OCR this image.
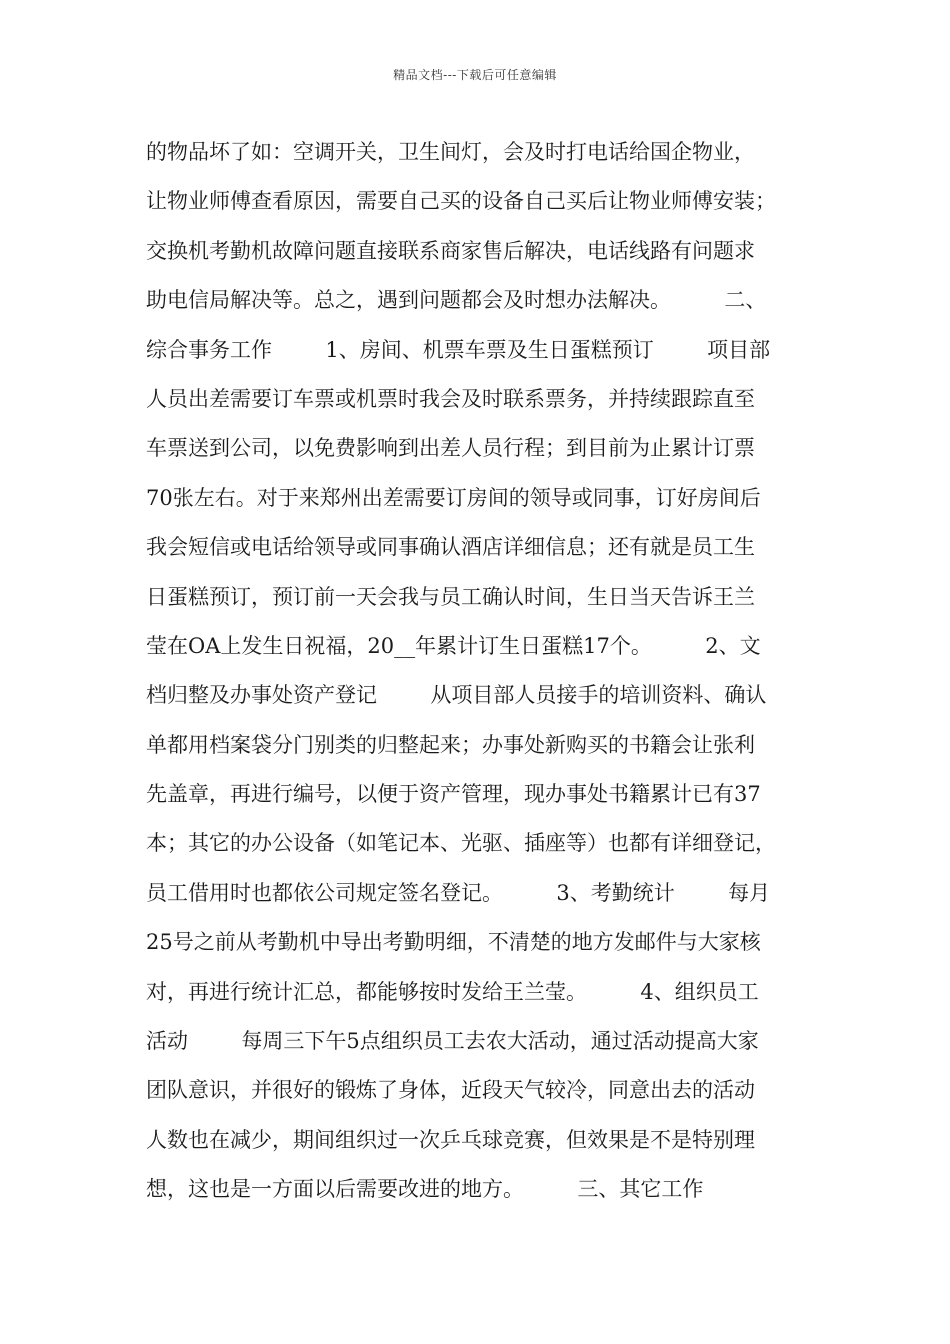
精品文档---下载后可任意编辑
的物品坏了如：空调开关，卫生间灯，会及时打电话给国企物业，
让物业师傅查看原因，需要自己买的设备自己买后让物业师傅安装；
交换机考勤机故障问题直接联系商家售后解决，电话线路有问题求
助电信局解决等。总之，遇到问题都会及时想办法解决。        二、
综合事务工作        1、房间、机票车票及生日蛋糕预订        项目部
人员出差需要订车票或机票时我会及时联系票务，并持续跟踪直至
车票送到公司，以免费影响到出差人员行程；到目前为止累计订票
70张左右。对于来郑州出差需要订房间的领导或同事，订好房间后
我会短信或电话给领导或同事确认酒店详细信息；还有就是员工生
日蛋糕预订，预订前一天会我与员工确认时间，生日当天告诉王兰
莹在OA上发生日祝福，20__年累计订生日蛋糕17个。        2、文
档归整及办事处资产登记        从项目部人员接手的培训资料、确认
单都用档案袋分门别类的归整起来；办事处新购买的书籍会让张利
先盖章，再进行编号，以便于资产管理，现办事处书籍累计已有37
本；其它的办公设备（如笔记本、光驱、插座等）也都有详细登记，
员工借用时也都依公司规定签名登记。        3、考勤统计        每月
25号之前从考勤机中导出考勤明细，不清楚的地方发邮件与大家核
对，再进行统计汇总，都能够按时发给王兰莹。        4、组织员工
活动        每周三下午5点组织员工去农大活动，通过活动提高大家
团队意识，并很好的锻炼了身体，近段天气较冷，同意出去的活动
人数也在减少，期间组织过一次乒乓球竞赛，但效果是不是特别理
想，这也是一方面以后需要改进的地方。        三、其它工作
